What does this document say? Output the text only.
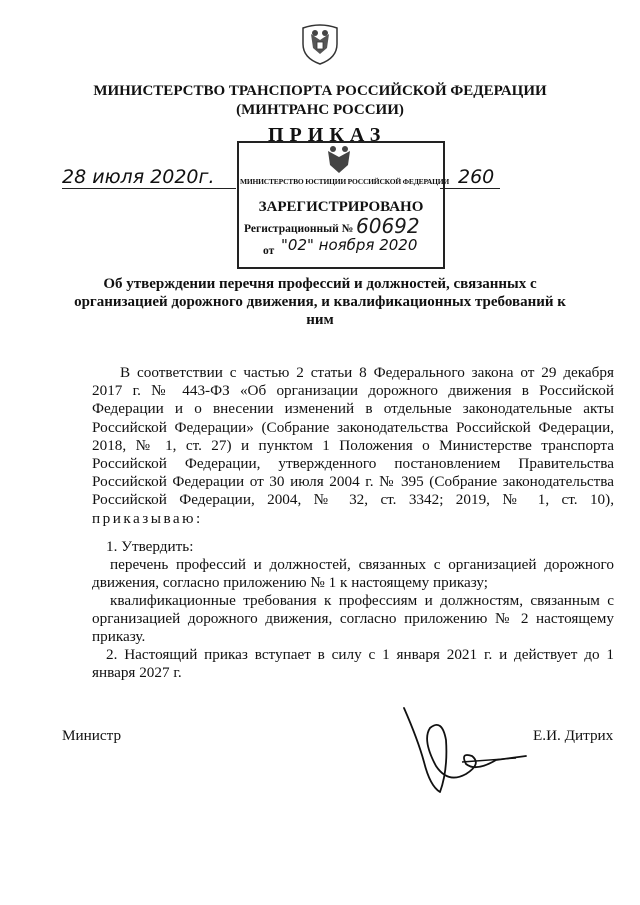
МИНИСТЕРСТВО ТРАНСПОРТА РОССИЙСКОЙ ФЕДЕРАЦИИ
(МИНТРАНС РОССИИ)
ПРИКАЗ
МИНИСТЕРСТВО ЮСТИЦИИ РОССИЙСКОЙ ФЕДЕРАЦИИ
ЗАРЕГИСТРИРОВАНО
Регистрационный № 60692
от "02" ноября 2020
28 июля 2020г.	260
Об утверждении перечня профессий и должностей, связанных с организацией дорожного движения, и квалификационных требований к ним
В соответствии с частью 2 статьи 8 Федерального закона от 29 декабря 2017 г. № 443-ФЗ «Об организации дорожного движения в Российской Федерации и о внесении изменений в отдельные законодательные акты Российской Федерации» (Собрание законодательства Российской Федерации, 2018, № 1, ст. 27) и пунктом 1 Положения о Министерстве транспорта Российской Федерации, утвержденного постановлением Правительства Российской Федерации от 30 июля 2004 г. № 395 (Собрание законодательства Российской Федерации, 2004, № 32, ст. 3342; 2019, № 1, ст. 10), приказываю:
1. Утвердить:
перечень профессий и должностей, связанных с организацией дорожного движения, согласно приложению № 1 к настоящему приказу;
квалификационные требования к профессиям и должностям, связанным с организацией дорожного движения, согласно приложению № 2 настоящему приказу.
2. Настоящий приказ вступает в силу с 1 января 2021 г. и действует до 1 января 2027 г.
Министр	Е.И. Дитрих
